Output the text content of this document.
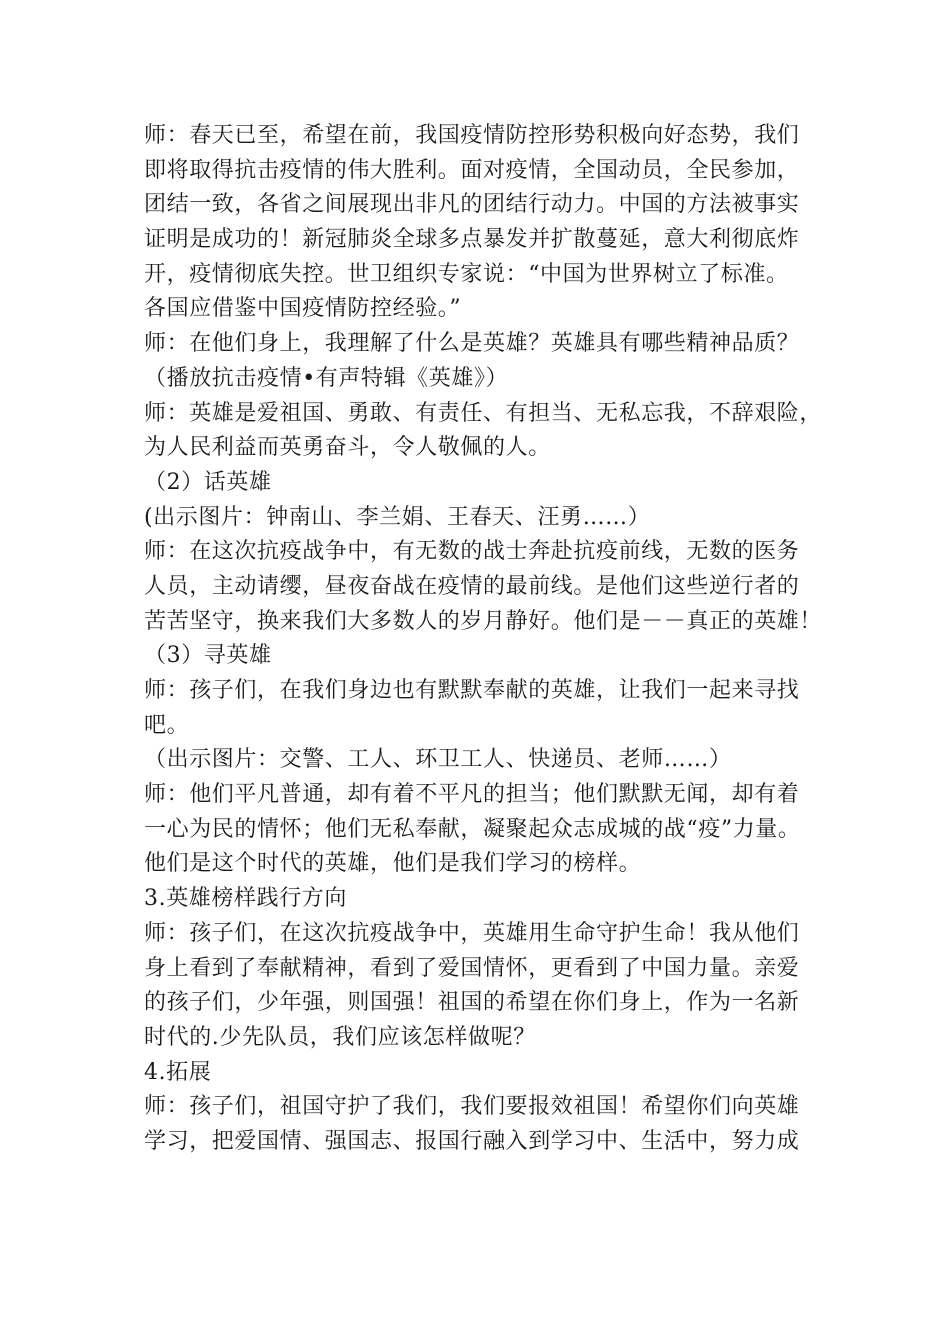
师：春天已至，希望在前，我国疫情防控形势积极向好态势，我们
即将取得抗击疫情的伟大胜利。面对疫情，全国动员，全民参加，
团结一致，各省之间展现出非凡的团结行动力。中国的方法被事实
证明是成功的！新冠肺炎全球多点暴发并扩散蔓延，意大利彻底炸
开，疫情彻底失控。世卫组织专家说：“中国为世界树立了标准。
各国应借鉴中国疫情防控经验。”
师：在他们身上，我理解了什么是英雄？英雄具有哪些精神品质？
（播放抗击疫情•有声特辑《英雄》）
师：英雄是爱祖国、勇敢、有责任、有担当、无私忘我，不辞艰险，
为人民利益而英勇奋斗，令人敬佩的人。
（2）话英雄
(出示图片：钟南山、李兰娟、王春天、汪勇……）
师：在这次抗疫战争中，有无数的战士奔赴抗疫前线，无数的医务
人员，主动请缨，昼夜奋战在疫情的最前线。是他们这些逆行者的
苦苦坚守，换来我们大多数人的岁月静好。他们是－－真正的英雄！
（3）寻英雄
师：孩子们，在我们身边也有默默奉献的英雄，让我们一起来寻找
吧。
（出示图片：交警、工人、环卫工人、快递员、老师……）
师：他们平凡普通，却有着不平凡的担当；他们默默无闻，却有着
一心为民的情怀；他们无私奉献，凝聚起众志成城的战“疫”力量。
他们是这个时代的英雄，他们是我们学习的榜样。
3.英雄榜样践行方向
师：孩子们，在这次抗疫战争中，英雄用生命守护生命！我从他们
身上看到了奉献精神，看到了爱国情怀，更看到了中国力量。亲爱
的孩子们，少年强，则国强！祖国的希望在你们身上，作为一名新
时代的.少先队员，我们应该怎样做呢？
4.拓展
师：孩子们，祖国守护了我们，我们要报效祖国！希望你们向英雄
学习，把爱国情、强国志、报国行融入到学习中、生活中，努力成
